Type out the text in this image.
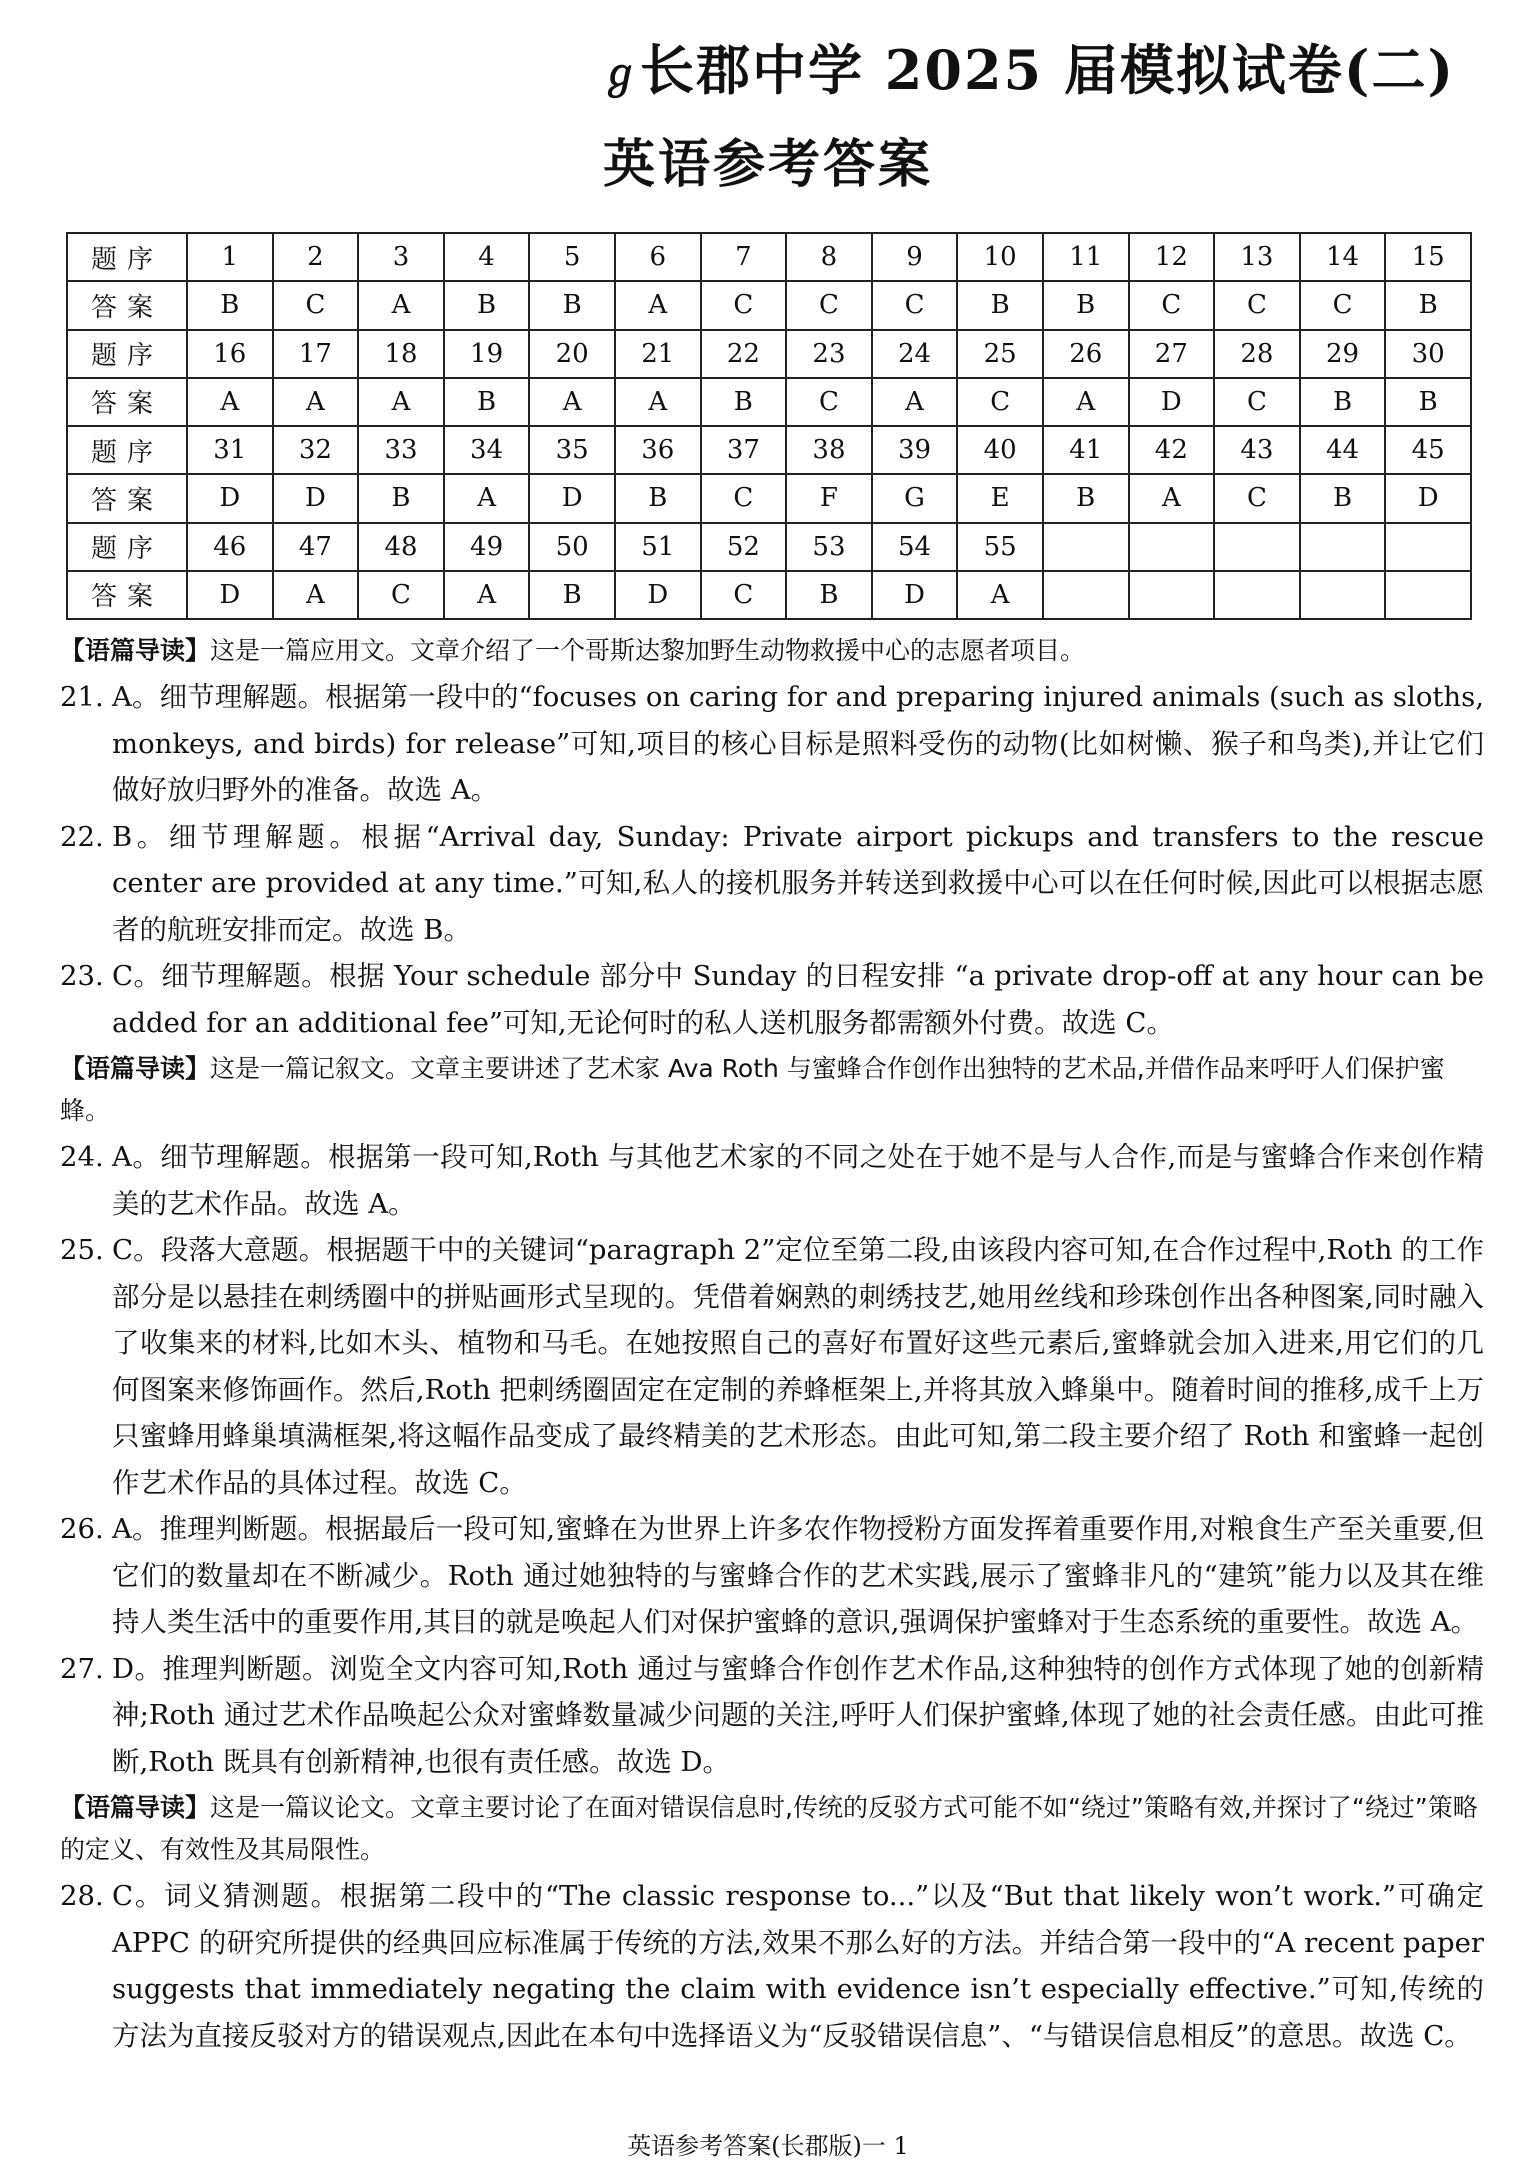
ℊ 长郡中学 2025 届模拟试卷(二)
英语参考答案
题序	1	2	3	4	5	6	7	8	9	10	11	12	13	14	15
答案	B	C	A	B	B	A	C	C	C	B	B	C	C	C	B
题序	16	17	18	19	20	21	22	23	24	25	26	27	28	29	30
答案	A	A	A	B	A	A	B	C	A	C	A	D	C	B	B
题序	31	32	33	34	35	36	37	38	39	40	41	42	43	44	45
答案	D	D	B	A	D	B	C	F	G	E	B	A	C	B	D
题序	46	47	48	49	50	51	52	53	54	55					
答案	D	A	C	A	B	D	C	B	D	A					
【语篇导读】这是一篇应用文。文章介绍了一个哥斯达黎加野生动物救援中心的志愿者项目。
21. A。细节理解题。根据第一段中的“focuses on caring for and preparing injured animals (such as sloths, monkeys, and birds) for release”可知,项目的核心目标是照料受伤的动物(比如树懒、猴子和鸟类),并让它们做好放归野外的准备。故选 A。
22. B。细节理解题。根据“Arrival day, Sunday: Private airport pickups and transfers to the rescue center are provided at any time.”可知,私人的接机服务并转送到救援中心可以在任何时候,因此可以根据志愿者的航班安排而定。故选 B。
23. C。细节理解题。根据 Your schedule 部分中 Sunday 的日程安排 “a private drop-off at any hour can be added for an additional fee”可知,无论何时的私人送机服务都需额外付费。故选 C。
【语篇导读】这是一篇记叙文。文章主要讲述了艺术家 Ava Roth 与蜜蜂合作创作出独特的艺术品,并借作品来呼吁人们保护蜜蜂。
24. A。细节理解题。根据第一段可知,Roth 与其他艺术家的不同之处在于她不是与人合作,而是与蜜蜂合作来创作精美的艺术作品。故选 A。
25. C。段落大意题。根据题干中的关键词“paragraph 2”定位至第二段,由该段内容可知,在合作过程中,Roth 的工作部分是以悬挂在刺绣圈中的拼贴画形式呈现的。凭借着娴熟的刺绣技艺,她用丝线和珍珠创作出各种图案,同时融入了收集来的材料,比如木头、植物和马毛。在她按照自己的喜好布置好这些元素后,蜜蜂就会加入进来,用它们的几何图案来修饰画作。然后,Roth 把刺绣圈固定在定制的养蜂框架上,并将其放入蜂巢中。随着时间的推移,成千上万只蜜蜂用蜂巢填满框架,将这幅作品变成了最终精美的艺术形态。由此可知,第二段主要介绍了 Roth 和蜜蜂一起创作艺术作品的具体过程。故选 C。
26. A。推理判断题。根据最后一段可知,蜜蜂在为世界上许多农作物授粉方面发挥着重要作用,对粮食生产至关重要,但它们的数量却在不断减少。Roth 通过她独特的与蜜蜂合作的艺术实践,展示了蜜蜂非凡的“建筑”能力以及其在维持人类生活中的重要作用,其目的就是唤起人们对保护蜜蜂的意识,强调保护蜜蜂对于生态系统的重要性。故选 A。
27. D。推理判断题。浏览全文内容可知,Roth 通过与蜜蜂合作创作艺术作品,这种独特的创作方式体现了她的创新精神;Roth 通过艺术作品唤起公众对蜜蜂数量减少问题的关注,呼吁人们保护蜜蜂,体现了她的社会责任感。由此可推断,Roth 既具有创新精神,也很有责任感。故选 D。
【语篇导读】这是一篇议论文。文章主要讨论了在面对错误信息时,传统的反驳方式可能不如“绕过”策略有效,并探讨了“绕过”策略的定义、有效性及其局限性。
28. C。词义猜测题。根据第二段中的“The classic response to...”以及“But that likely won’t work.”可确定 APPC 的研究所提供的经典回应标准属于传统的方法,效果不那么好的方法。并结合第一段中的“A recent paper suggests that immediately negating the claim with evidence isn’t especially effective.”可知,传统的方法为直接反驳对方的错误观点,因此在本句中选择语义为“反驳错误信息”、“与错误信息相反”的意思。故选 C。
英语参考答案(长郡版)一 1
